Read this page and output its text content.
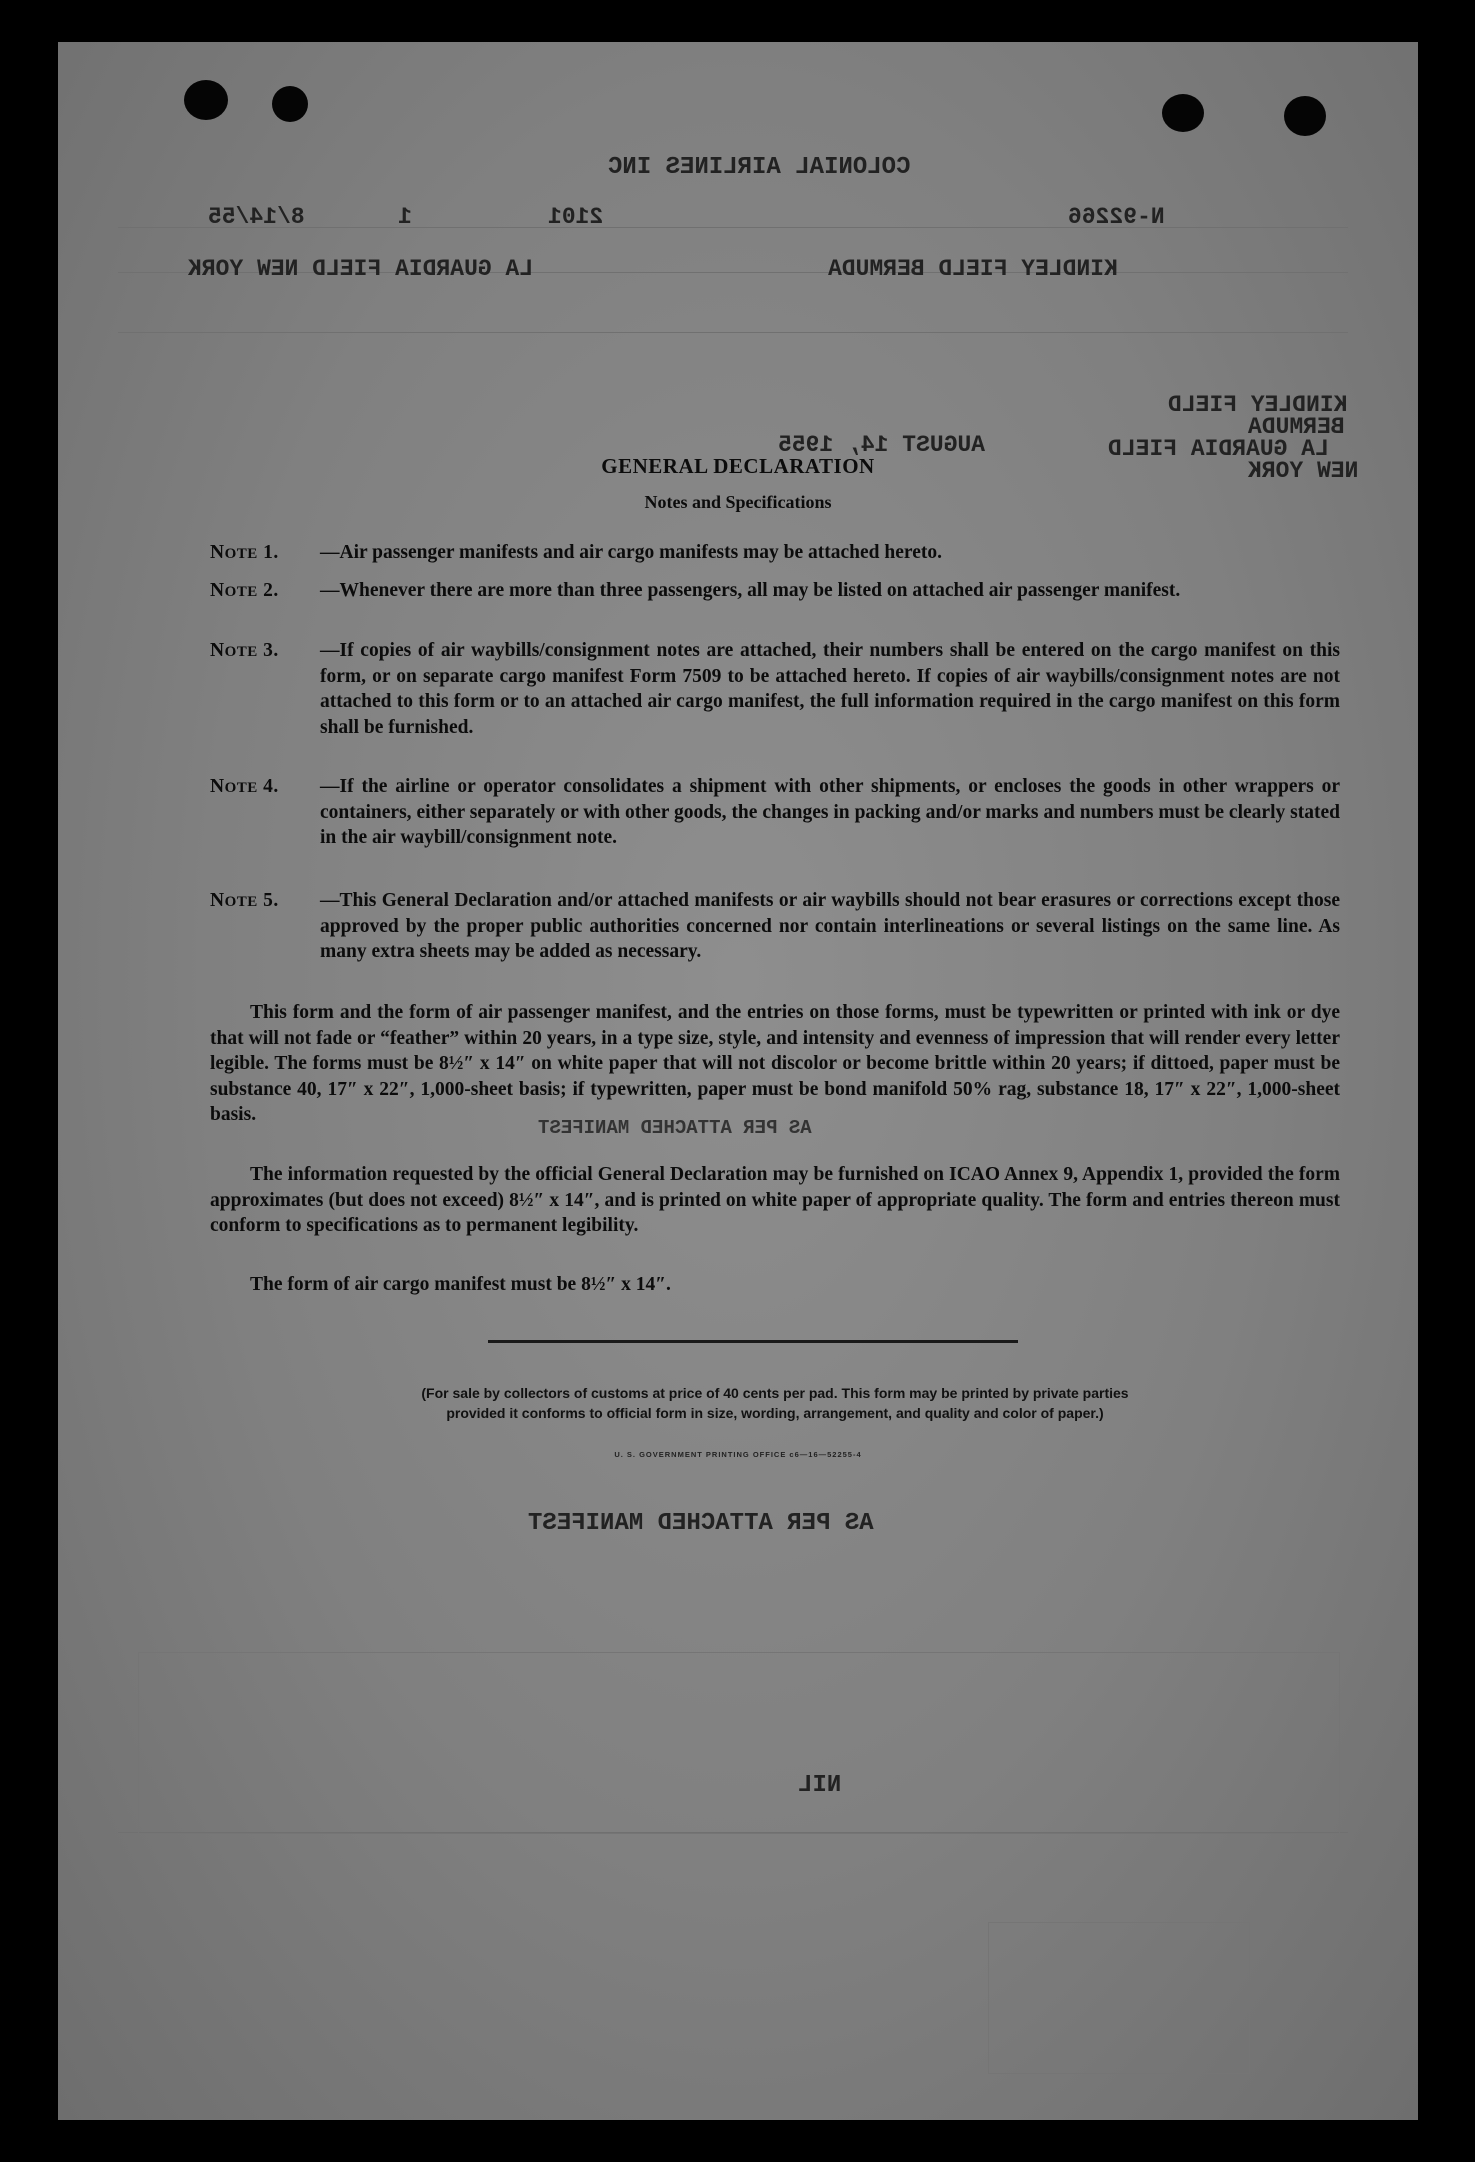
COLONIAL AIRLINES INC
N-92266
2101
1
8/14/55
KINDLEY FIELD BERMUDA
LA GUARDIA FIELD NEW YORK
KINDLEY FIELD
BERMUDA
LA GUARDIA FIELD
NEW YORK
AUGUST 14, 1955
AS PER ATTACHED MANIFEST
AS PER ATTACHED MANIFEST
NIL
GENERAL DECLARATION
Notes and Specifications
NOTE 1.	—Air passenger manifests and air cargo manifests may be attached hereto.
NOTE 2.	—Whenever there are more than three passengers, all may be listed on attached air passenger manifest.
NOTE 3.	—If copies of air waybills/consignment notes are attached, their numbers shall be entered on the cargo manifest on this form, or on separate cargo manifest Form 7509 to be attached hereto. If copies of air waybills/consignment notes are not attached to this form or to an attached air cargo manifest, the full information required in the cargo manifest on this form shall be furnished.
NOTE 4.	—If the airline or operator consolidates a shipment with other shipments, or encloses the goods in other wrappers or containers, either separately or with other goods, the changes in packing and/or marks and numbers must be clearly stated in the air waybill/consignment note.
NOTE 5.	—This General Declaration and/or attached manifests or air waybills should not bear erasures or corrections except those approved by the proper public authorities concerned nor contain interlineations or several listings on the same line. As many extra sheets may be added as necessary.
This form and the form of air passenger manifest, and the entries on those forms, must be typewritten or printed with ink or dye that will not fade or “feather” within 20 years, in a type size, style, and intensity and evenness of impression that will render every letter legible. The forms must be 8½″ x 14″ on white paper that will not discolor or become brittle within 20 years; if dittoed, paper must be substance 40, 17″ x 22″, 1,000-sheet basis; if typewritten, paper must be bond manifold 50% rag, substance 18, 17″ x 22″, 1,000-sheet basis.
The information requested by the official General Declaration may be furnished on ICAO Annex 9, Appendix 1, provided the form approximates (but does not exceed) 8½″ x 14″, and is printed on white paper of appropriate quality. The form and entries thereon must conform to specifications as to permanent legibility.
The form of air cargo manifest must be 8½″ x 14″.
(For sale by collectors of customs at price of 40 cents per pad. This form may be printed by private parties
provided it conforms to official form in size, wording, arrangement, and quality and color of paper.)
U. S. GOVERNMENT PRINTING OFFICE c6—16—52255-4
